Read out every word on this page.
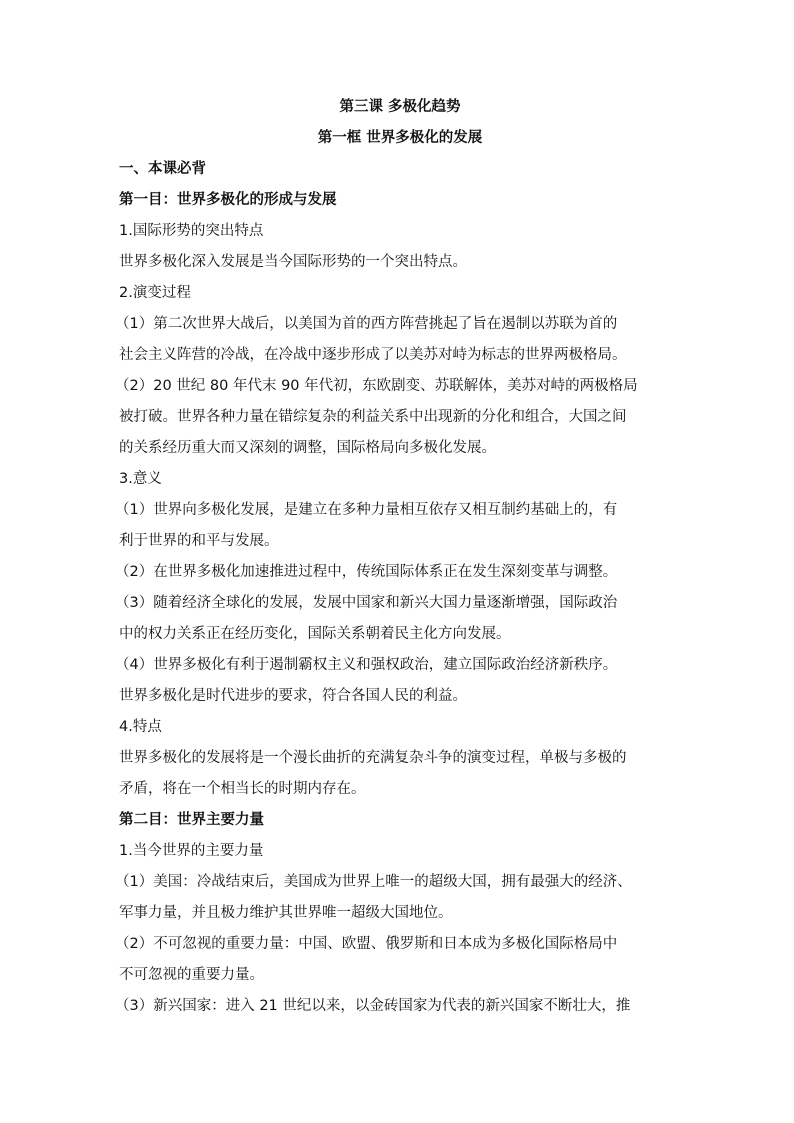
第三课 多极化趋势

第一框 世界多极化的发展

一、本课必背

第一目：世界多极化的形成与发展

1.国际形势的突出特点

世界多极化深入发展是当今国际形势的一个突出特点。

2.演变过程

（1）第二次世界大战后，以美国为首的西方阵营挑起了旨在遏制以苏联为首的

社会主义阵营的冷战，在冷战中逐步形成了以美苏对峙为标志的世界两极格局。

（2）20 世纪 80 年代末 90 年代初，东欧剧变、苏联解体，美苏对峙的两极格局

被打破。世界各种力量在错综复杂的利益关系中出现新的分化和组合，大国之间

的关系经历重大而又深刻的调整，国际格局向多极化发展。

3.意义

（1）世界向多极化发展，是建立在多种力量相互依存又相互制约基础上的，有

利于世界的和平与发展。

（2）在世界多极化加速推进过程中，传统国际体系正在发生深刻变革与调整。

（3）随着经济全球化的发展，发展中国家和新兴大国力量逐渐增强，国际政治

中的权力关系正在经历变化，国际关系朝着民主化方向发展。

（4）世界多极化有利于遏制霸权主义和强权政治，建立国际政治经济新秩序。

世界多极化是时代进步的要求，符合各国人民的利益。

4.特点

世界多极化的发展将是一个漫长曲折的充满复杂斗争的演变过程，单极与多极的

矛盾，将在一个相当长的时期内存在。

第二目：世界主要力量

1.当今世界的主要力量

（1）美国：冷战结束后，美国成为世界上唯一的超级大国，拥有最强大的经济、

军事力量，并且极力维护其世界唯一超级大国地位。

（2）不可忽视的重要力量：中国、欧盟、俄罗斯和日本成为多极化国际格局中

不可忽视的重要力量。

（3）新兴国家：进入 21 世纪以来，以金砖国家为代表的新兴国家不断壮大，推
